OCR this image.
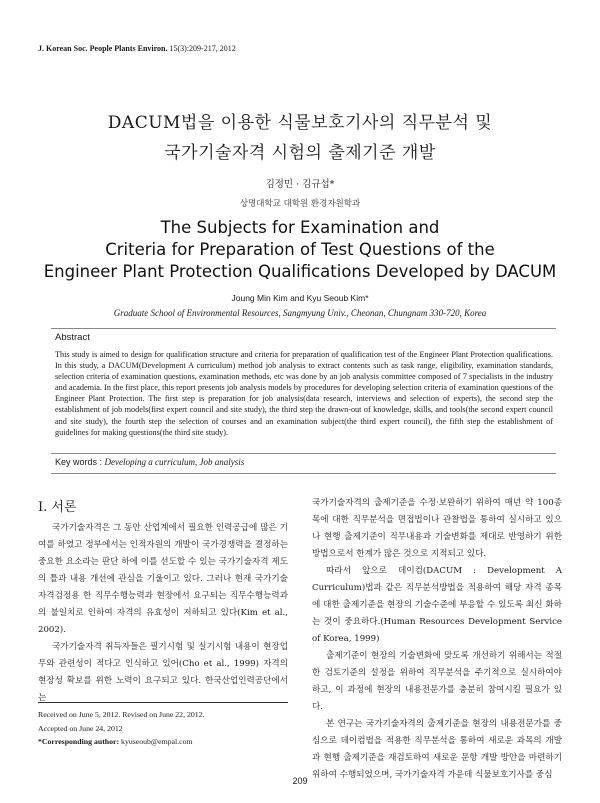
J. Korean Soc. People Plants Environ. 15(3):209-217, 2012
DACUM법을 이용한 식물보호기사의 직무분석 및
국가기술자격 시험의 출제기준 개발
김정민 · 김규섭*
상명대학교 대학원 환경자원학과
The Subjects for Examination and
Criteria for Preparation of Test Questions of the
Engineer Plant Protection Qualifications Developed by DACUM
Joung Min Kim and Kyu Seoub Kim*
Graduate School of Environmental Resources, Sangmyung Univ., Cheonan, Chungnam 330-720, Korea
Abstract
This study is aimed to design for qualification structure and criteria for preparation of qualification test of the Engineer Plant Protection qualifications. In this study, a DACUM(Development A curriculum) method job analysis to extract contents such as task range, eligibility, examination standards, selection criteria of examination questions, examination methods, etc was done by an job analysis committee composed of 7 specialists in the industry and academia. In the first place, this report presents job analysis models by procedures for developing selection criteria of examination questions of the Engineer Plant Protection. The first step is preparation for job analysis(data research, interviews and selection of experts), the second step the establishment of job models(first expert council and site study), the third step the drawn-out of knowledge, skills, and tools(the second expert council and site study), the fourth step the selection of courses and an examination subject(the third expert council), the fifth step the establishment of guidelines for making questions(the third site study).
Key words : Developing a curriculum, Job analysis
Ⅰ. 서론

국가기술자격은 그 동안 산업계에서 필요한 인력공급에 많은 기여를 하였고 정부에서는 인적자원의 개발이 국가경쟁력을 결정하는 중요한 요소라는 판단 하에 이를 선도할 수 있는 국가기술자격 제도의 틀과 내용 개선에 관심을 기울이고 있다. 그러나 현재 국가기술자격검정용 한 직무수행능력과 현장에서 요구되는 직무수행능력과의 불일치로 인하여 자격의 유효성이 저하되고 있다(Kim et al., 2002).

국가기술자격 취득자들은 필기시험 및 실기시험 내용이 현장업무와 관련성이 적다고 인식하고 있어(Cho et al., 1999) 자격의 현장성 확보를 위한 노력이 요구되고 있다. 한국산업인력공단에서는

국가기술자격의 출제기준을 수정·보완하기 위하여 매년 약 100종목에 대한 직무분석을 면접법이나 관찰법을 통하여 실시하고 있으나 현행 출제기준이 직무내용과 기술변화를 제대로 반영하기 위한 방법으로서 한계가 많은 것으로 지적되고 있다.

따라서 앞으로 데이컴(DACUM : Development A Curriculum)법과 같은 직무분석방법을 적용하여 해당 자격 종목에 대한 출제기준을 현장의 기술수준에 부응할 수 있도록 최신 화하는 것이 중요하다.(Human Resources Development Service of Korea, 1999)

출제기준이 현장의 기술변화에 맞도록 개선하기 위해서는 적절한 검토기준의 설정을 위하여 직무분석을 주기적으로 실시하여야 하고, 이 과정에 현장의 내용전문가를 충분히 참여시킬 필요가 있다.

본 연구는 국가기술자격의 출제기준을 현장의 내용전문가를 중심으로 데이컴법을 적용한 직무분석을 통하여 새로운 과목의 개발과 현행 출제기준을 재검토하여 새로운 문항 개발 방안을 마련하기 위하여 수행되었으며, 국가기술자격 가운데 식물보호기사를 중심

Received on June 5, 2012. Revised on June 22, 2012.
Accepted on June 24, 2012
*Corresponding author: kyuseoub@empal.com
209
